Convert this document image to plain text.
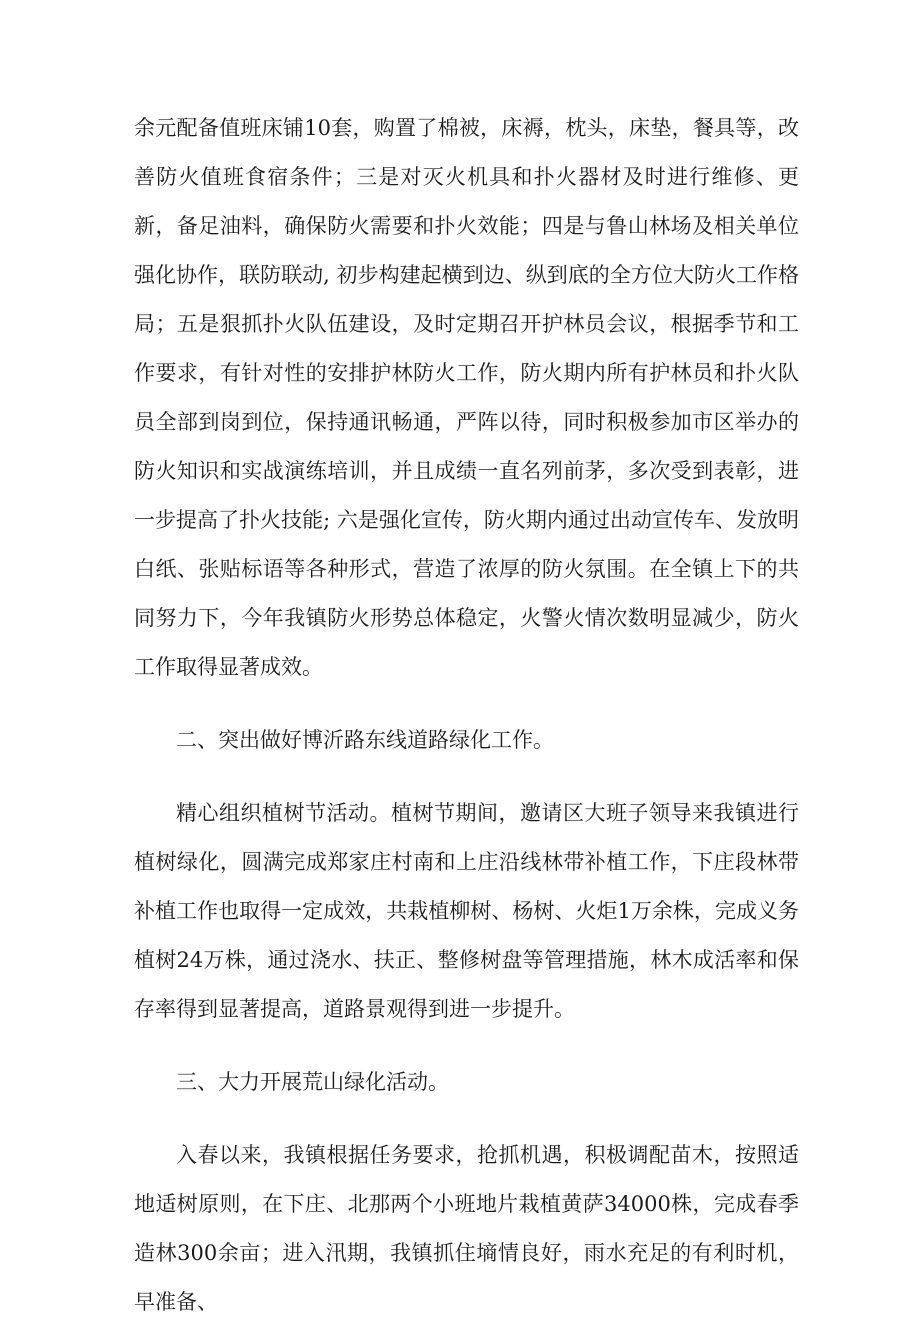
余元配备值班床铺10套，购置了棉被，床褥，枕头，床垫，餐具等，改善防火值班食宿条件；三是对灭火机具和扑火器材及时进行维修、更新，备足油料，确保防火需要和扑火效能；四是与鲁山林场及相关单位强化协作，联防联动, 初步构建起横到边、纵到底的全方位大防火工作格局；五是狠抓扑火队伍建设，及时定期召开护林员会议，根据季节和工作要求，有针对性的安排护林防火工作，防火期内所有护林员和扑火队员全部到岗到位，保持通讯畅通，严阵以待，同时积极参加市区举办的防火知识和实战演练培训，并且成绩一直名列前茅，多次受到表彰，进一步提高了扑火技能; 六是强化宣传，防火期内通过出动宣传车、发放明白纸、张贴标语等各种形式，营造了浓厚的防火氛围。在全镇上下的共同努力下，今年我镇防火形势总体稳定，火警火情次数明显减少，防火工作取得显著成效。

二、突出做好博沂路东线道路绿化工作。

精心组织植树节活动。植树节期间，邀请区大班子领导来我镇进行植树绿化，圆满完成郑家庄村南和上庄沿线林带补植工作，下庄段林带补植工作也取得一定成效，共栽植柳树、杨树、火炬1万余株，完成义务植树24万株，通过浇水、扶正、整修树盘等管理措施，林木成活率和保存率得到显著提高，道路景观得到进一步提升。

三、大力开展荒山绿化活动。

入春以来，我镇根据任务要求，抢抓机遇，积极调配苗木，按照适地适树原则，在下庄、北那两个小班地片栽植黄萨34000株，完成春季造林300余亩；进入汛期，我镇抓住墒情良好，雨水充足的有利时机，早准备、
